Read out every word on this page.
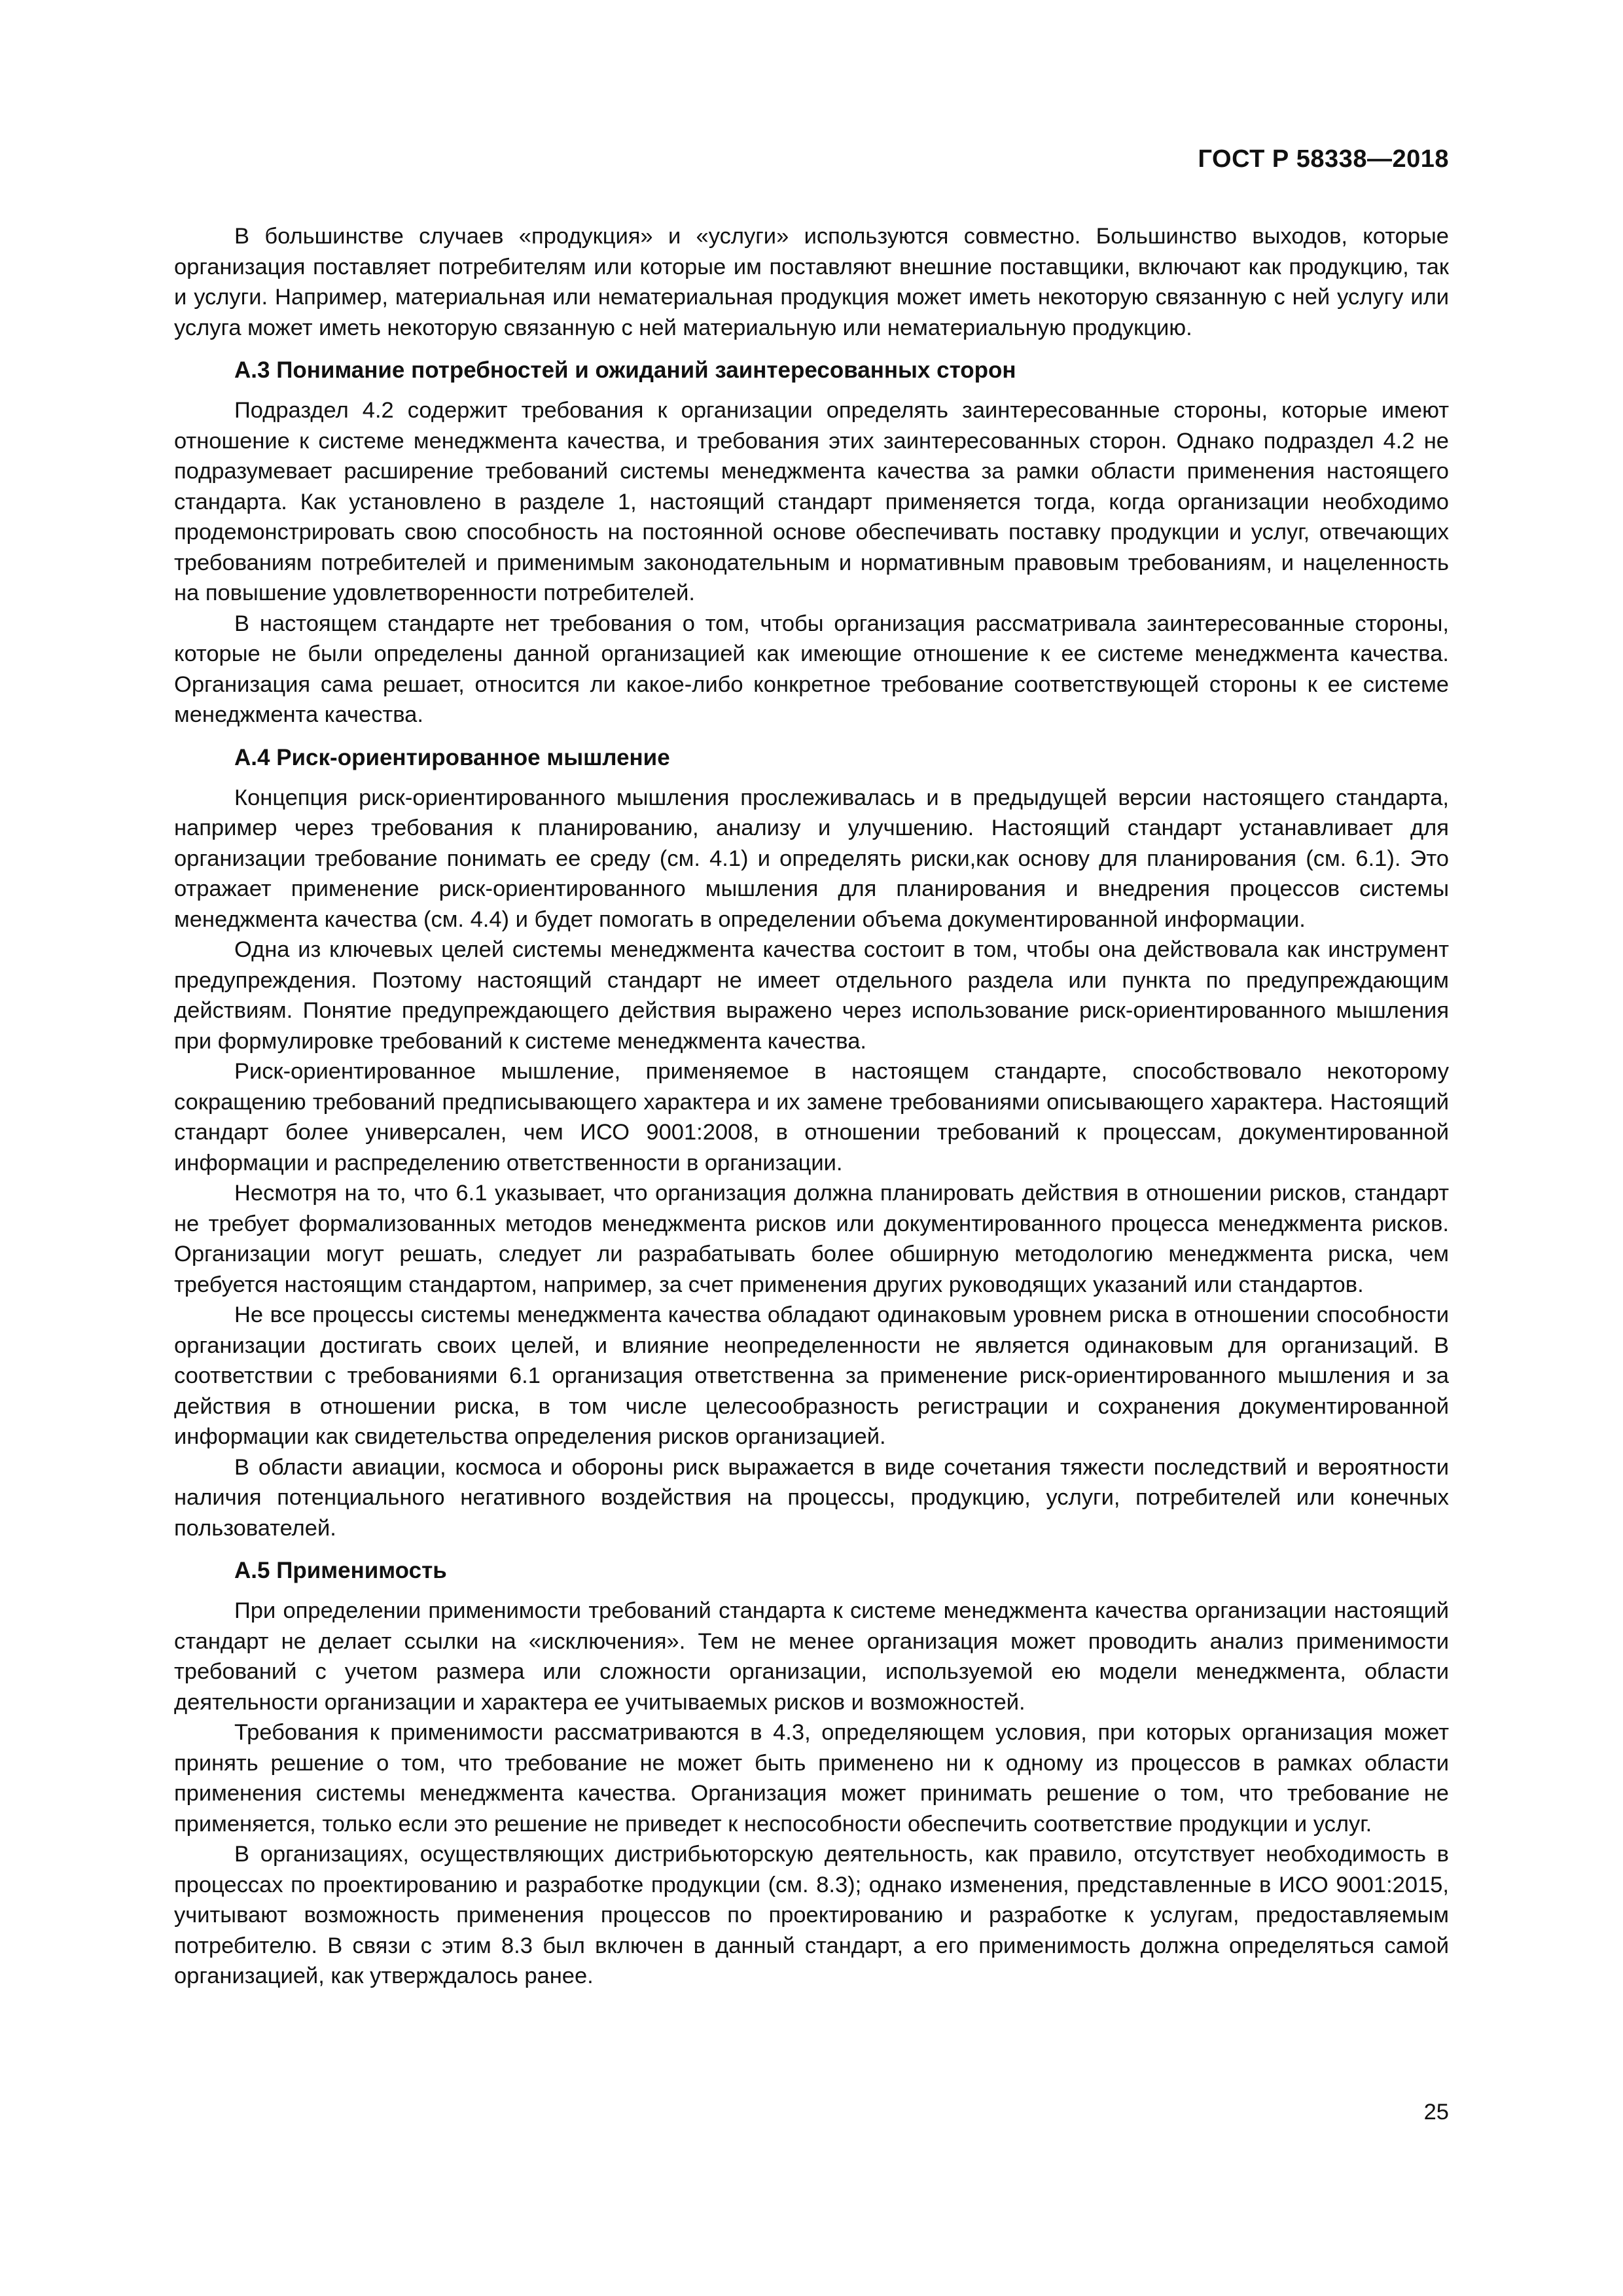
ГОСТ Р 58338—2018

В большинстве случаев «продукция» и «услуги» используются совместно. Большинство выходов, которые организация поставляет потребителям или которые им поставляют внешние поставщики, включают как продукцию, так и услуги. Например, материальная или нематериальная продукция может иметь некоторую связанную с ней услугу или услуга может иметь некоторую связанную с ней материальную или нематериальную продукцию.

А.3 Понимание потребностей и ожиданий заинтересованных сторон

Подраздел 4.2 содержит требования к организации определять заинтересованные стороны, которые имеют отношение к системе менеджмента качества, и требования этих заинтересованных сторон. Однако подраздел 4.2 не подразумевает расширение требований системы менеджмента качества за рамки области применения настоящего стандарта. Как установлено в разделе 1, настоящий стандарт применяется тогда, когда организации необходимо продемонстрировать свою способность на постоянной основе обеспечивать поставку продукции и услуг, отвечающих требованиям потребителей и применимым законодательным и нормативным правовым требованиям, и нацеленность на повышение удовлетворенности потребителей.

В настоящем стандарте нет требования о том, чтобы организация рассматривала заинтересованные стороны, которые не были определены данной организацией как имеющие отношение к ее системе менеджмента качества. Организация сама решает, относится ли какое-либо конкретное требование соответствующей стороны к ее системе менеджмента качества.

А.4 Риск-ориентированное мышление

Концепция риск-ориентированного мышления прослеживалась и в предыдущей версии настоящего стандарта, например через требования к планированию, анализу и улучшению. Настоящий стандарт устанавливает для организации требование понимать ее среду (см. 4.1) и определять риски,как основу для планирования (см. 6.1). Это отражает применение риск-ориентированного мышления для планирования и внедрения процессов системы менеджмента качества (см. 4.4) и будет помогать в определении объема документированной информации.

Одна из ключевых целей системы менеджмента качества состоит в том, чтобы она действовала как инструмент предупреждения. Поэтому настоящий стандарт не имеет отдельного раздела или пункта по предупреждающим действиям. Понятие предупреждающего действия выражено через использование риск-ориентированного мышления при формулировке требований к системе менеджмента качества.

Риск-ориентированное мышление, применяемое в настоящем стандарте, способствовало некоторому сокращению требований предписывающего характера и их замене требованиями описывающего характера. Настоящий стандарт более универсален, чем ИСО 9001:2008, в отношении требований к процессам, документированной информации и распределению ответственности в организации.

Несмотря на то, что 6.1 указывает, что организация должна планировать действия в отношении рисков, стандарт не требует формализованных методов менеджмента рисков или документированного процесса менеджмента рисков. Организации могут решать, следует ли разрабатывать более обширную методологию менеджмента риска, чем требуется настоящим стандартом, например, за счет применения других руководящих указаний или стандартов.

Не все процессы системы менеджмента качества обладают одинаковым уровнем риска в отношении способности организации достигать своих целей, и влияние неопределенности не является одинаковым для организаций. В соответствии с требованиями 6.1 организация ответственна за применение риск-ориентированного мышления и за действия в отношении риска, в том числе целесообразность регистрации и сохранения документированной информации как свидетельства определения рисков организацией.

В области авиации, космоса и обороны риск выражается в виде сочетания тяжести последствий и вероятности наличия потенциального негативного воздействия на процессы, продукцию, услуги, потребителей или конечных пользователей.

А.5 Применимость

При определении применимости требований стандарта к системе менеджмента качества организации настоящий стандарт не делает ссылки на «исключения». Тем не менее организация может проводить анализ применимости требований с учетом размера или сложности организации, используемой ею модели менеджмента, области деятельности организации и характера ее учитываемых рисков и возможностей.

Требования к применимости рассматриваются в 4.3, определяющем условия, при которых организация может принять решение о том, что требование не может быть применено ни к одному из процессов в рамках области применения системы менеджмента качества. Организация может принимать решение о том, что требование не применяется, только если это решение не приведет к неспособности обеспечить соответствие продукции и услуг.

В организациях, осуществляющих дистрибьюторскую деятельность, как правило, отсутствует необходимость в процессах по проектированию и разработке продукции (см. 8.3); однако изменения, представленные в ИСО 9001:2015, учитывают возможность применения процессов по проектированию и разработке к услугам, предоставляемым потребителю. В связи с этим 8.3 был включен в данный стандарт, а его применимость должна определяться самой организацией, как утверждалось ранее.

25
